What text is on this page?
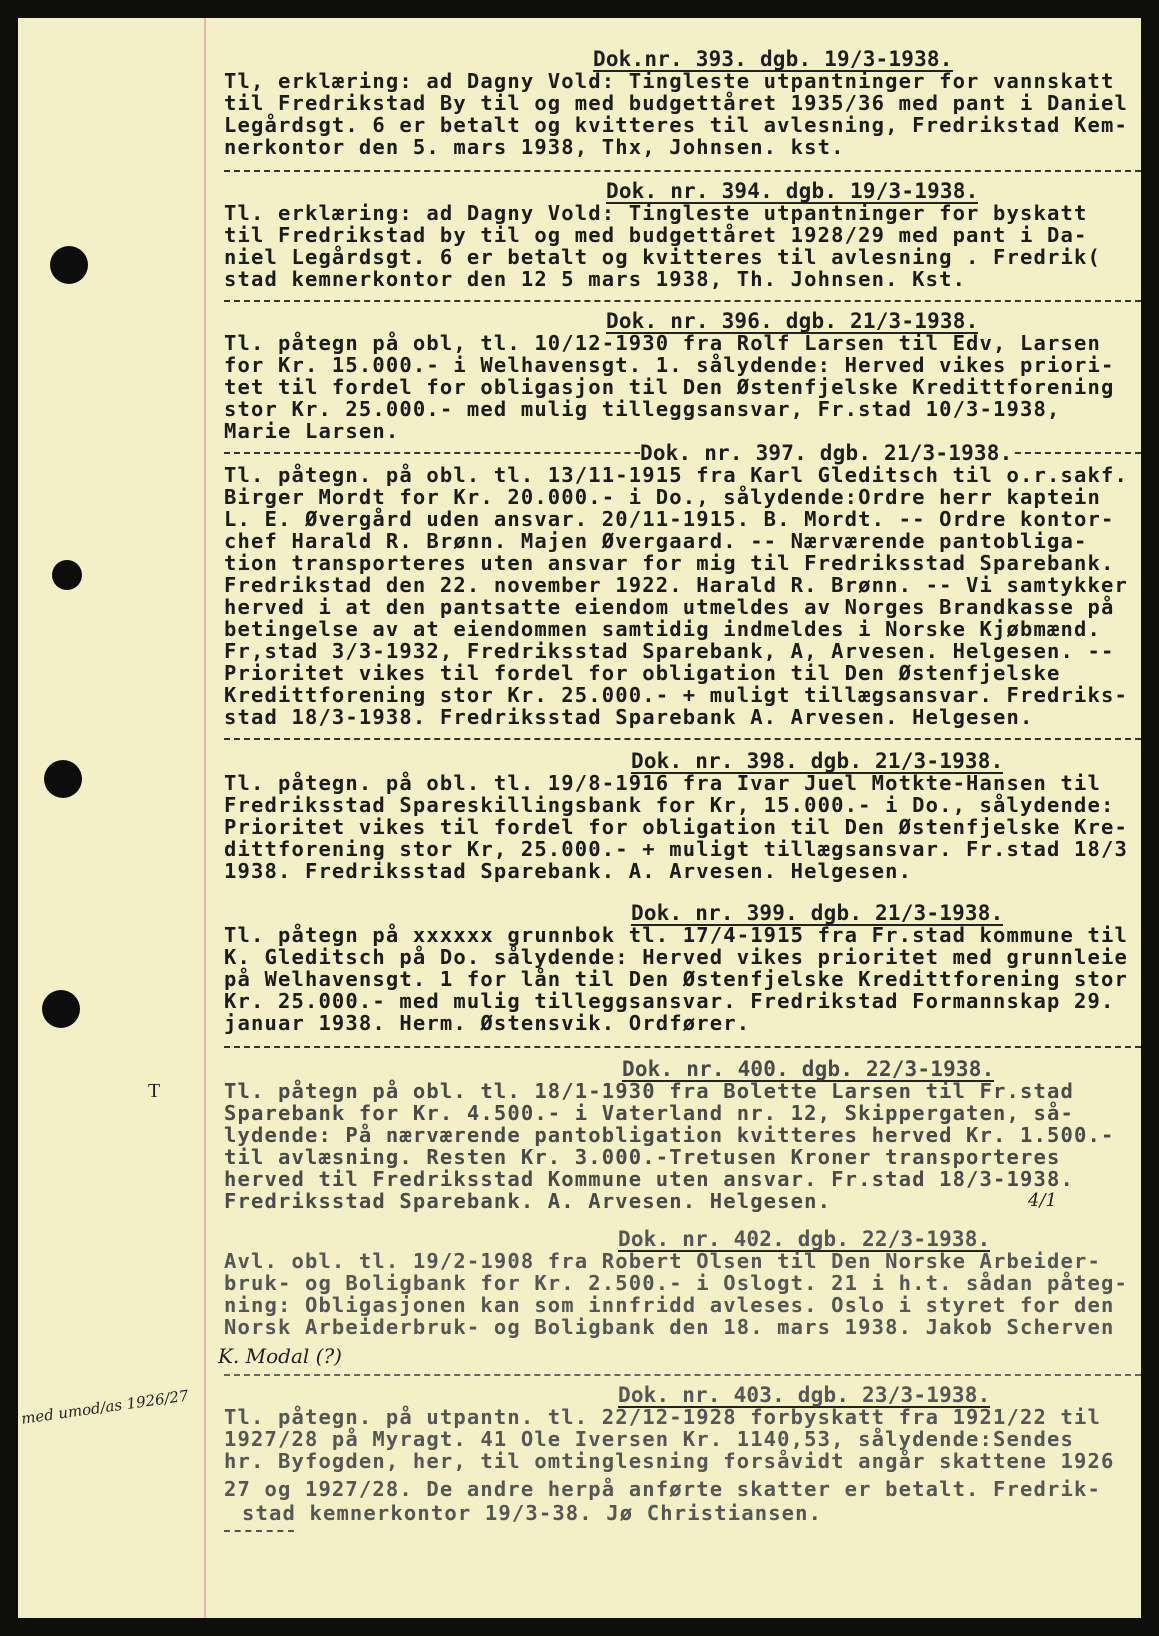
Dok.nr. 393. dgb. 19/3-1938.
Tl, erklæring: ad Dagny Vold: Tingleste utpantninger for vannskatt
til Fredrikstad By til og med budgettåret 1935/36 med pant i Daniel
Legårdsgt. 6 er betalt og kvitteres til avlesning, Fredrikstad Kem-
nerkontor den 5. mars 1938, Thx, Johnsen. kst.
Dok. nr. 394. dgb. 19/3-1938.
Tl. erklæring: ad Dagny Vold: Tingleste utpantninger for byskatt
til Fredrikstad by til og med budgettåret 1928/29 med pant i Da-
niel Legårdsgt. 6 er betalt og kvitteres til avlesning . Fredrik(
stad kemnerkontor den 12 5 mars 1938, Th. Johnsen. Kst.
Dok. nr. 396. dgb. 21/3-1938.
Tl. påtegn på obl, tl. 10/12-1930 fra Rolf Larsen til Edv, Larsen
for Kr. 15.000.- i Welhavensgt. 1. sålydende: Herved vikes priori-
tet til fordel for obligasjon til Den Østenfjelske Kredittforening
stor Kr. 25.000.- med mulig tilleggsansvar, Fr.stad 10/3-1938,
Marie Larsen.
Dok. nr. 397. dgb. 21/3-1938.
Tl. påtegn. på obl. tl. 13/11-1915 fra Karl Gleditsch til o.r.sakf.
Birger Mordt for Kr. 20.000.- i Do., sålydende:Ordre herr kaptein
L. E. Øvergård uden ansvar. 20/11-1915. B. Mordt. -- Ordre kontor-
chef Harald R. Brønn. Majen Øvergaard. -- Nærværende pantobliga-
tion transporteres uten ansvar for mig til Fredriksstad Sparebank.
Fredrikstad den 22. november 1922. Harald R. Brønn. -- Vi samtykker
herved i at den pantsatte eiendom utmeldes av Norges Brandkasse på
betingelse av at eiendommen samtidig indmeldes i Norske Kjøbmænd.
Fr,stad 3/3-1932, Fredriksstad Sparebank, A, Arvesen. Helgesen. --
Prioritet vikes til fordel for obligation til Den Østenfjelske
Kredittforening stor Kr. 25.000.- + muligt tillægsansvar. Fredriks-
stad 18/3-1938. Fredriksstad Sparebank A. Arvesen. Helgesen.
Dok. nr. 398. dgb. 21/3-1938.
Tl. påtegn. på obl. tl. 19/8-1916 fra Ivar Juel Motkte-Hansen til
Fredriksstad Spareskillingsbank for Kr, 15.000.- i Do., sålydende:
Prioritet vikes til fordel for obligation til Den Østenfjelske Kre-
dittforening stor Kr, 25.000.- + muligt tillægsansvar. Fr.stad 18/3
1938. Fredriksstad Sparebank. A. Arvesen. Helgesen.
Dok. nr. 399. dgb. 21/3-1938.
Tl. påtegn på xxxxxx grunnbok tl. 17/4-1915 fra Fr.stad kommune til
K. Gleditsch på Do. sålydende: Herved vikes prioritet med grunnleie
på Welhavensgt. 1 for lån til Den Østenfjelske Kredittforening stor
Kr. 25.000.- med mulig tilleggsansvar. Fredrikstad Formannskap 29.
januar 1938. Herm. Østensvik. Ordfører.
T
Dok. nr. 400. dgb. 22/3-1938.
Tl. påtegn på obl. tl. 18/1-1930 fra Bolette Larsen til Fr.stad
Sparebank for Kr. 4.500.- i Vaterland nr. 12, Skippergaten, så-
lydende: På nærværende pantobligation kvitteres herved Kr. 1.500.-
til avlæsning. Resten Kr. 3.000.-Tretusen Kroner transporteres
herved til Fredriksstad Kommune uten ansvar. Fr.stad 18/3-1938.
Fredriksstad Sparebank. A. Arvesen. Helgesen.	4/1
Dok. nr. 402. dgb. 22/3-1938.
Avl. obl. tl. 19/2-1908 fra Robert Olsen til Den Norske Arbeider-
bruk- og Boligbank for Kr. 2.500.- i Oslogt. 21 i h.t. sådan påteg-
ning: Obligasjonen kan som innfridd avleses. Oslo i styret for den
Norsk Arbeiderbruk- og Boligbank den 18. mars 1938. Jakob Scherven
K. Modal (?)
med umod/as 1926/27	Dok. nr. 403. dgb. 23/3-1938.
Tl. påtegn. på utpantn. tl. 22/12-1928 forbyskatt fra 1921/22 til
1927/28 på Myragt. 41 Ole Iversen Kr. 1140,53, sålydende:Sendes
hr. Byfogden, her, til omtinglesning forsåvidt angår skattene 1926
27 og 1927/28. De andre herpå anførte skatter er betalt. Fredrik-
stad kemnerkontor 19/3-38. Jø Christiansen.
